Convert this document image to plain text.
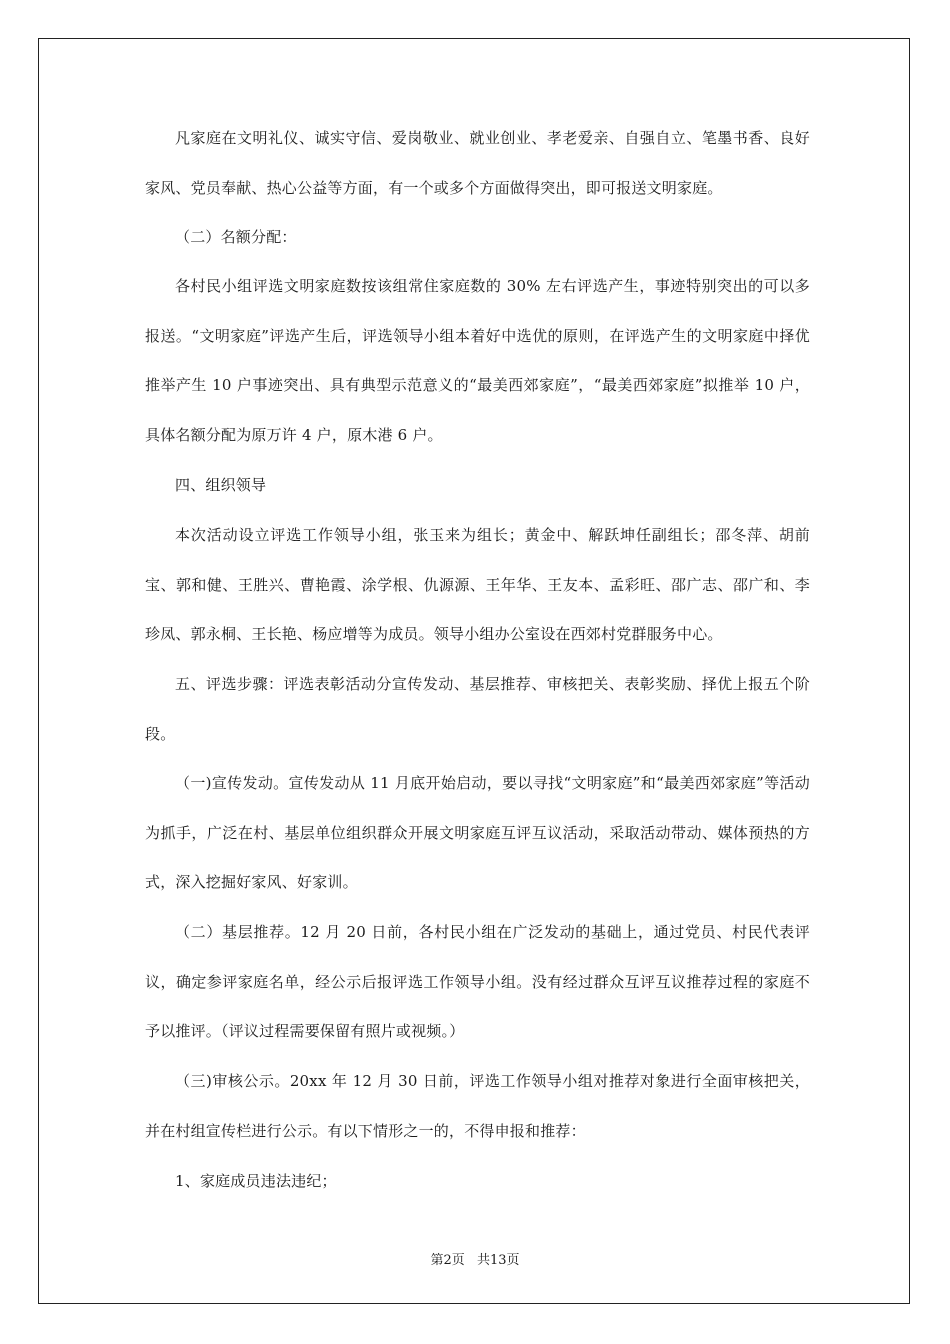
凡家庭在文明礼仪、诚实守信、爱岗敬业、就业创业、孝老爱亲、自强自立、笔墨书香、良好家风、党员奉献、热心公益等方面，有一个或多个方面做得突出，即可报送文明家庭。

（二）名额分配：

各村民小组评选文明家庭数按该组常住家庭数的 30% 左右评选产生，事迹特别突出的可以多报送。“文明家庭”评选产生后，评选领导小组本着好中选优的原则，在评选产生的文明家庭中择优推举产生 10 户事迹突出、具有典型示范意义的“最美西郊家庭”，“最美西郊家庭”拟推举 10 户，具体名额分配为原万许 4 户，原木港 6 户。

四、组织领导

本次活动设立评选工作领导小组，张玉来为组长；黄金中、解跃坤任副组长；邵冬萍、胡前宝、郭和健、王胜兴、曹艳霞、涂学根、仇源源、王年华、王友本、孟彩旺、邵广志、邵广和、李珍凤、郭永桐、王长艳、杨应增等为成员。领导小组办公室设在西郊村党群服务中心。

五、评选步骤：评选表彰活动分宣传发动、基层推荐、审核把关、表彰奖励、择优上报五个阶段。

（一)宣传发动。宣传发动从 11 月底开始启动，要以寻找“文明家庭”和“最美西郊家庭”等活动为抓手，广泛在村、基层单位组织群众开展文明家庭互评互议活动，采取活动带动、媒体预热的方式，深入挖掘好家风、好家训。

（二）基层推荐。12 月 20 日前，各村民小组在广泛发动的基础上，通过党员、村民代表评议，确定参评家庭名单，经公示后报评选工作领导小组。没有经过群众互评互议推荐过程的家庭不予以推评。（评议过程需要保留有照片或视频。）

（三)审核公示。20xx 年 12 月 30 日前，评选工作领导小组对推荐对象进行全面审核把关，并在村组宣传栏进行公示。有以下情形之一的，不得申报和推荐：

1、家庭成员违法违纪；

第2页 共13页
